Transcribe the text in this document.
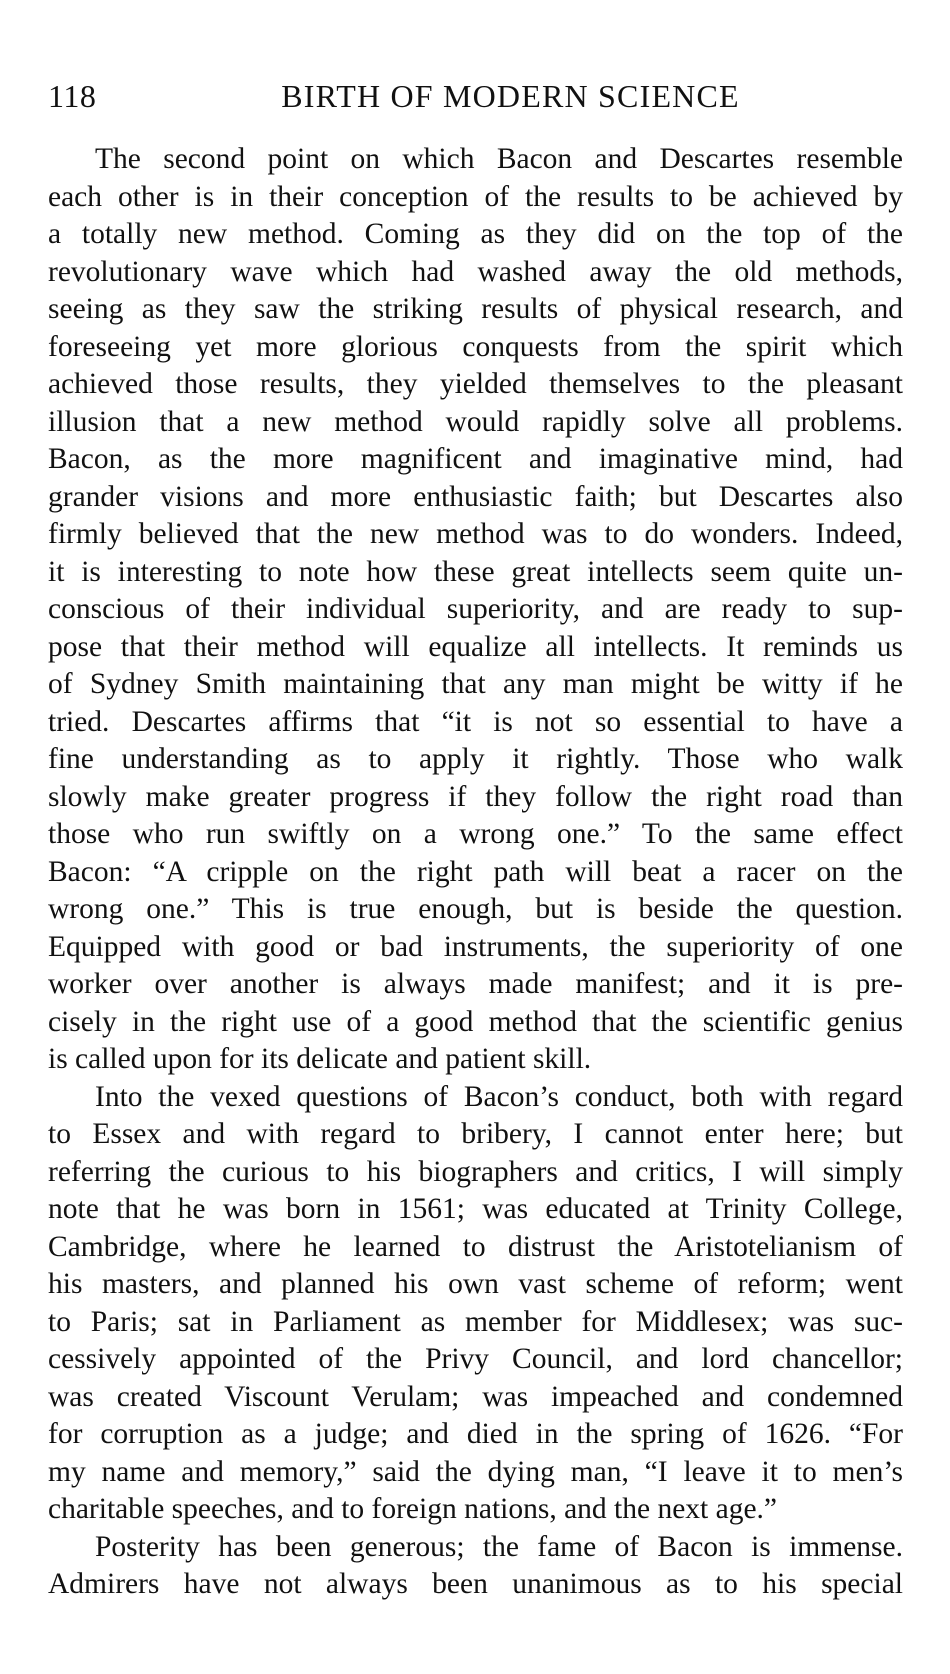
118	BIRTH OF MODERN SCIENCE
The second point on which Bacon and Descartes resemble
each other is in their conception of the results to be achieved by
a totally new method. Coming as they did on the top of the
revolutionary wave which had washed away the old methods,
seeing as they saw the striking results of physical research, and
foreseeing yet more glorious conquests from the spirit which
achieved those results, they yielded themselves to the pleasant
illusion that a new method would rapidly solve all problems.
Bacon, as the more magnificent and imaginative mind, had
grander visions and more enthusiastic faith; but Descartes also
firmly believed that the new method was to do wonders. Indeed,
it is interesting to note how these great intellects seem quite un-
conscious of their individual superiority, and are ready to sup-
pose that their method will equalize all intellects. It reminds us
of Sydney Smith maintaining that any man might be witty if he
tried. Descartes affirms that “it is not so essential to have a
fine understanding as to apply it rightly. Those who walk
slowly make greater progress if they follow the right road than
those who run swiftly on a wrong one.” To the same effect
Bacon: “A cripple on the right path will beat a racer on the
wrong one.” This is true enough, but is beside the question.
Equipped with good or bad instruments, the superiority of one
worker over another is always made manifest; and it is pre-
cisely in the right use of a good method that the scientific genius
is called upon for its delicate and patient skill.
Into the vexed questions of Bacon’s conduct, both with regard
to Essex and with regard to bribery, I cannot enter here; but
referring the curious to his biographers and critics, I will simply
note that he was born in 1561; was educated at Trinity College,
Cambridge, where he learned to distrust the Aristotelianism of
his masters, and planned his own vast scheme of reform; went
to Paris; sat in Parliament as member for Middlesex; was suc-
cessively appointed of the Privy Council, and lord chancellor;
was created Viscount Verulam; was impeached and condemned
for corruption as a judge; and died in the spring of 1626. “For
my name and memory,” said the dying man, “I leave it to men’s
charitable speeches, and to foreign nations, and the next age.”
Posterity has been generous; the fame of Bacon is immense.
Admirers have not always been unanimous as to his special
